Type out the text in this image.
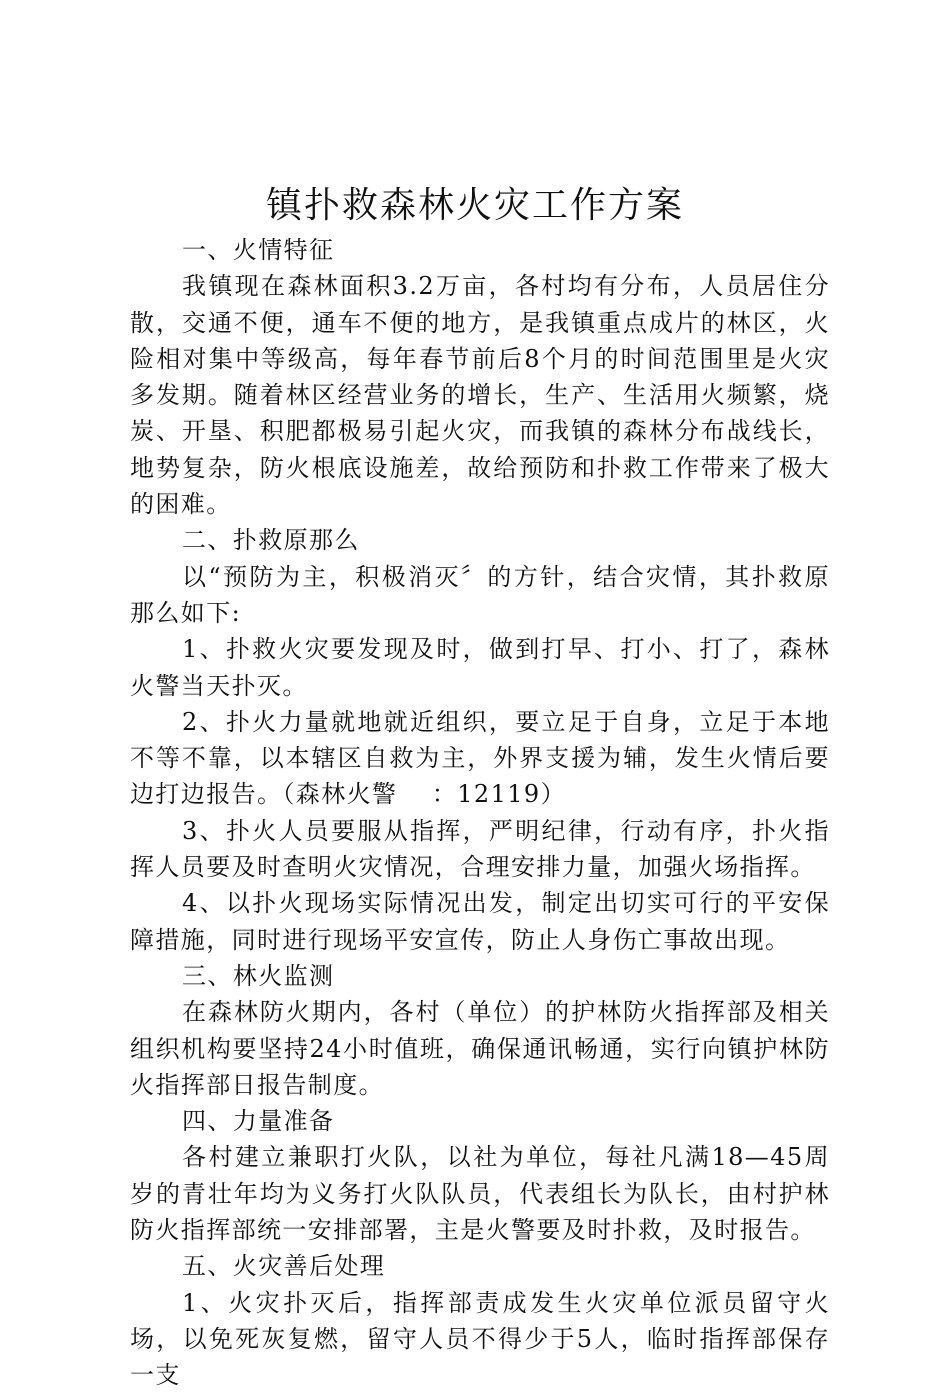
镇扑救森林火灾工作方案

一、火情特征

我镇现在森林面积3.2万亩，各村均有分布，人员居住分散，交通不便，通车不便的地方，是我镇重点成片的林区，火险相对集中等级高，每年春节前后8个月的时间范围里是火灾多发期。随着林区经营业务的增长，生产、生活用火频繁，烧炭、开垦、积肥都极易引起火灾，而我镇的森林分布战线长，地势复杂，防火根底设施差，故给预防和扑救工作带来了极大的困难。

二、扑救原那么

以“预防为主，积极消灭〞的方针，结合灾情，其扑救原那么如下:

1、扑救火灾要发现及时，做到打早、打小、打了，森林火警当天扑灭。

2、扑火力量就地就近组织，要立足于自身，立足于本地不等不靠，以本辖区自救为主，外界支援为辅，发生火情后要边打边报告。（森林火警　 ：12119）

3、扑火人员要服从指挥，严明纪律，行动有序，扑火指挥人员要及时查明火灾情况，合理安排力量，加强火场指挥。

4、以扑火现场实际情况出发，制定出切实可行的平安保障措施，同时进行现场平安宣传，防止人身伤亡事故出现。

三、林火监测

在森林防火期内，各村（单位）的护林防火指挥部及相关组织机构要坚持24小时值班，确保通讯畅通，实行向镇护林防火指挥部日报告制度。

四、力量准备

各村建立兼职打火队，以社为单位，每社凡满18—45周岁的青壮年均为义务打火队队员，代表组长为队长，由村护林防火指挥部统一安排部署，主是火警要及时扑救，及时报告。

五、火灾善后处理

1、火灾扑灭后，指挥部责成发生火灾单位派员留守火场，以免死灰复燃，留守人员不得少于5人，临时指挥部保存一支
